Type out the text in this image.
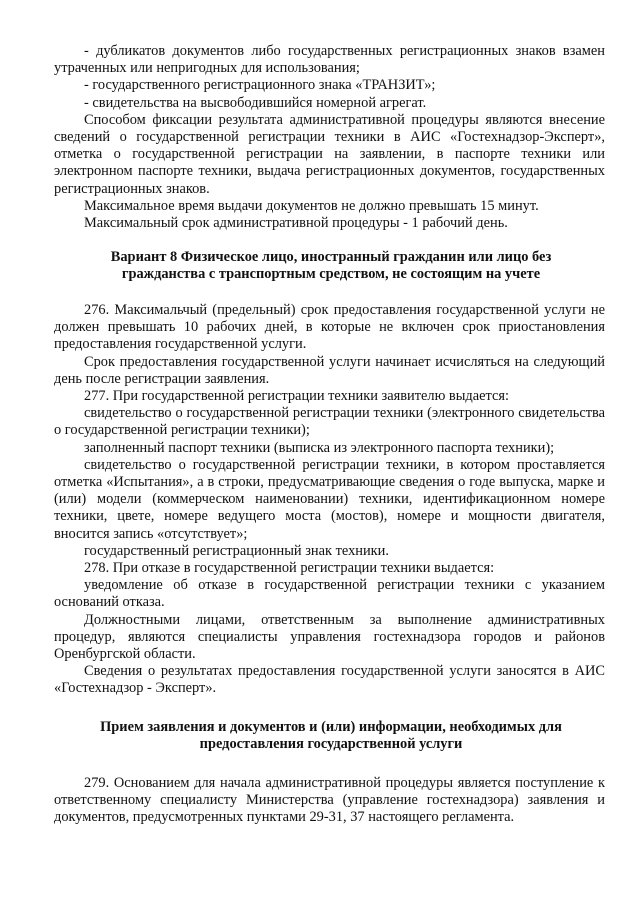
- дубликатов документов либо государственных регистрационных знаков взамен утраченных или непригодных для использования;

- государственного регистрационного знака «ТРАНЗИТ»;

- свидетельства на высвободившийся номерной агрегат.

Способом фиксации результата административной процедуры являются внесение сведений о государственной регистрации техники в АИС «Гостехнадзор-Эксперт», отметка о государственной регистрации на заявлении, в паспорте техники или электронном паспорте техники, выдача регистрационных документов, государственных регистрационных знаков.

Максимальное время выдачи документов не должно превышать 15 минут.

Максимальный срок административной процедуры - 1 рабочий день.

Вариант 8 Физическое лицо, иностранный гражданин или лицо без гражданства с транспортным средством, не состоящим на учете

276. Максимальчый (предельный) срок предоставления государственной услуги не должен превышать 10 рабочих дней, в которые не включен срок приостановления предоставления государственной услуги.

Срок предоставления государственной услуги начинает исчисляться на следующий день после регистрации заявления.

277. При государственной регистрации техники заявителю выдается:

свидетельство о государственной регистрации техники (электронного свидетельства о государственной регистрации техники);

заполненный паспорт техники (выписка из электронного паспорта техники);

свидетельство о государственной регистрации техники, в котором проставляется отметка «Испытания», а в строки, предусматривающие сведения о годе выпуска, марке и (или) модели (коммерческом наименовании) техники, идентификационном номере техники, цвете, номере ведущего моста (мостов), номере и мощности двигателя, вносится запись «отсутствует»;

государственный регистрационный знак техники.

278. При отказе в государственной регистрации техники выдается:

уведомление об отказе в государственной регистрации техники с указанием оснований отказа.

Должностными лицами, ответственным за выполнение административных процедур, являются специалисты управления гостехнадзора городов и районов Оренбургской области.

Сведения о результатах предоставления государственной услуги заносятся в АИС «Гостехнадзор - Эксперт».

Прием заявления и документов и (или) информации, необходимых для предоставления государственной услуги

279. Основанием для начала административной процедуры является поступление к ответственному специалисту Министерства (управление гостехнадзора) заявления и документов, предусмотренных пунктами 29-31, 37 настоящего регламента.
